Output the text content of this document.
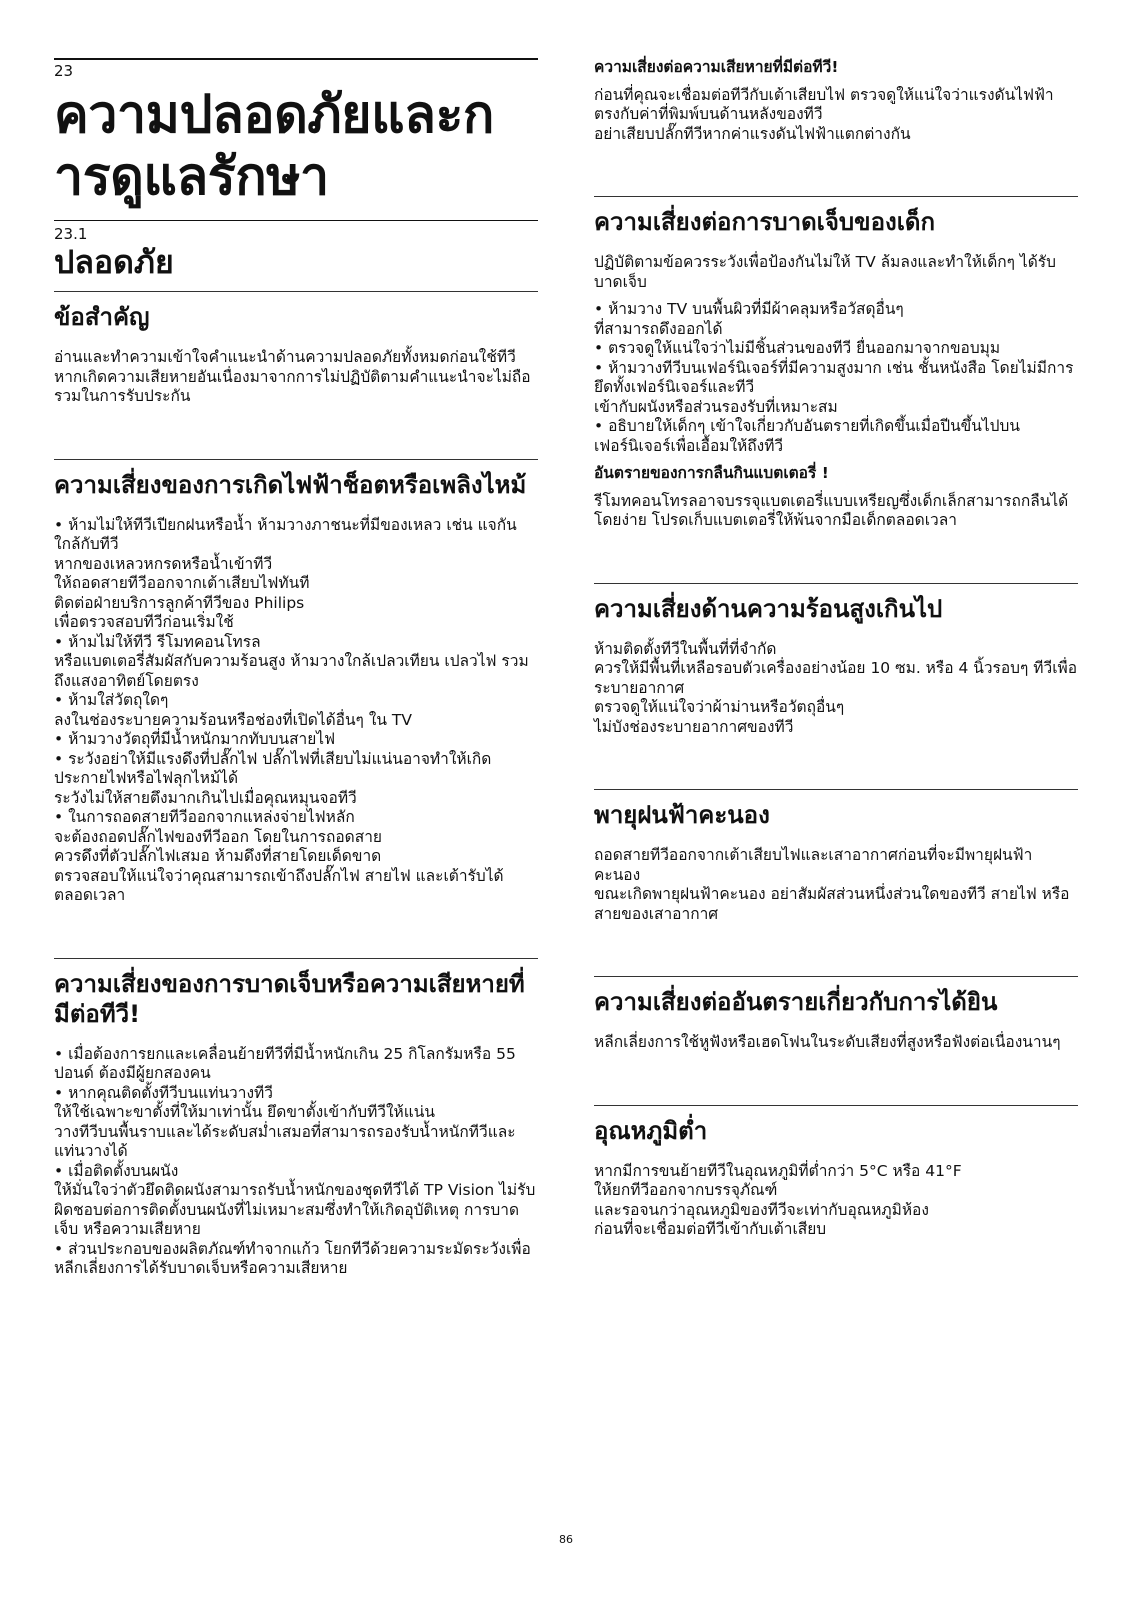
23
ความปลอดภัยและก
ารดูแลรักษา
23.1
ปลอดภัย
ข้อสำคัญ
อ่านและทำความเข้าใจคำแนะนำด้านความปลอดภัยทั้งหมดก่อนใช้ทีวี
หากเกิดความเสียหายอันเนื่องมาจากการไม่ปฏิบัติตามคำแนะนำจะไม่ถือรวมในการรับประกัน
ความเสี่ยงของการเกิดไฟฟ้าช็อตหรือเพลิงไหม้
• ห้ามไม่ให้ทีวีเปียกฝนหรือน้ำ ห้ามวางภาชนะที่มีของเหลว เช่น แจกัน ใกล้กับทีวี
หากของเหลวหกรดหรือน้ำเข้าทีวี
ให้ถอดสายทีวีออกจากเต้าเสียบไฟทันที
ติดต่อฝ่ายบริการลูกค้าทีวีของ Philips
เพื่อตรวจสอบทีวีก่อนเริ่มใช้
• ห้ามไม่ให้ทีวี รีโมทคอนโทรล
หรือแบตเตอรี่สัมผัสกับความร้อนสูง ห้ามวางใกล้เปลวเทียน เปลวไฟ รวมถึงแสงอาทิตย์โดยตรง
• ห้ามใส่วัตถุใดๆ
ลงในช่องระบายความร้อนหรือช่องที่เปิดได้อื่นๆ ใน TV
• ห้ามวางวัตถุที่มีน้ำหนักมากทับบนสายไฟ
• ระวังอย่าให้มีแรงดึงที่ปลั๊กไฟ ปลั๊กไฟที่เสียบไม่แน่นอาจทำให้เกิดประกายไฟหรือไฟลุกไหม้ได้
ระวังไม่ให้สายตึงมากเกินไปเมื่อคุณหมุนจอทีวี
• ในการถอดสายทีวีออกจากแหล่งจ่ายไฟหลัก
จะต้องถอดปลั๊กไฟของทีวีออก โดยในการถอดสาย
ควรดึงที่ตัวปลั๊กไฟเสมอ ห้ามดึงที่สายโดยเด็ดขาด
ตรวจสอบให้แน่ใจว่าคุณสามารถเข้าถึงปลั๊กไฟ สายไฟ และเต้ารับได้ตลอดเวลา
ความเสี่ยงของการบาดเจ็บหรือความเสียหายที่มีต่อทีวี!
• เมื่อต้องการยกและเคลื่อนย้ายทีวีที่มีน้ำหนักเกิน 25 กิโลกรัมหรือ 55 ปอนด์ ต้องมีผู้ยกสองคน
• หากคุณติดตั้งทีวีบนแท่นวางทีวี
ให้ใช้เฉพาะขาตั้งที่ให้มาเท่านั้น ยึดขาตั้งเข้ากับทีวีให้แน่น
วางทีวีบนพื้นราบและได้ระดับสม่ำเสมอที่สามารถรองรับน้ำหนักทีวีและแท่นวางได้
• เมื่อติดตั้งบนผนัง
ให้มั่นใจว่าตัวยึดติดผนังสามารถรับน้ำหนักของชุดทีวีได้ TP Vision ไม่รับผิดชอบต่อการติดตั้งบนผนังที่ไม่เหมาะสมซึ่งทำให้เกิดอุบัติเหตุ การบาดเจ็บ หรือความเสียหาย
• ส่วนประกอบของผลิตภัณฑ์ทำจากแก้ว โยกทีวีด้วยความระมัดระวังเพื่อหลีกเลี่ยงการได้รับบาดเจ็บหรือความเสียหาย
ความเสี่ยงต่อความเสียหายที่มีต่อทีวี!
ก่อนที่คุณจะเชื่อมต่อทีวีกับเต้าเสียบไฟ ตรวจดูให้แน่ใจว่าแรงดันไฟฟ้าตรงกับค่าที่พิมพ์บนด้านหลังของทีวี
อย่าเสียบปลั๊กทีวีหากค่าแรงดันไฟฟ้าแตกต่างกัน
ความเสี่ยงต่อการบาดเจ็บของเด็ก
ปฏิบัติตามข้อควรระวังเพื่อป้องกันไม่ให้ TV ล้มลงและทำให้เด็กๆ ได้รับบาดเจ็บ
• ห้ามวาง TV บนพื้นผิวที่มีผ้าคลุมหรือวัสดุอื่นๆ
ที่สามารถดึงออกได้
• ตรวจดูให้แน่ใจว่าไม่มีชิ้นส่วนของทีวี ยื่นออกมาจากขอบมุม
• ห้ามวางทีวีบนเฟอร์นิเจอร์ที่มีความสูงมาก เช่น ชั้นหนังสือ โดยไม่มีการยึดทั้งเฟอร์นิเจอร์และทีวี
เข้ากับผนังหรือส่วนรองรับที่เหมาะสม
• อธิบายให้เด็กๆ เข้าใจเกี่ยวกับอันตรายที่เกิดขึ้นเมื่อปีนขึ้นไปบนเฟอร์นิเจอร์เพื่อเอื้อมให้ถึงทีวี
อันตรายของการกลืนกินแบตเตอรี่ !
รีโมทคอนโทรลอาจบรรจุแบตเตอรี่แบบเหรียญซึ่งเด็กเล็กสามารถกลืนได้โดยง่าย โปรดเก็บแบตเตอรี่ให้พ้นจากมือเด็กตลอดเวลา
ความเสี่ยงด้านความร้อนสูงเกินไป
ห้ามติดตั้งทีวีในพื้นที่ที่จำกัด
ควรให้มีพื้นที่เหลือรอบตัวเครื่องอย่างน้อย 10 ซม. หรือ 4 นิ้วรอบๆ ทีวีเพื่อระบายอากาศ
ตรวจดูให้แน่ใจว่าผ้าม่านหรือวัตถุอื่นๆ
ไม่บังช่องระบายอากาศของทีวี
พายุฝนฟ้าคะนอง
ถอดสายทีวีออกจากเต้าเสียบไฟและเสาอากาศก่อนที่จะมีพายุฝนฟ้าคะนอง
ขณะเกิดพายุฝนฟ้าคะนอง อย่าสัมผัสส่วนหนึ่งส่วนใดของทีวี สายไฟ หรือสายของเสาอากาศ
ความเสี่ยงต่ออันตรายเกี่ยวกับการได้ยิน
หลีกเลี่ยงการใช้หูฟังหรือเฮดโฟนในระดับเสียงที่สูงหรือฟังต่อเนื่องนานๆ
อุณหภูมิต่ำ
หากมีการขนย้ายทีวีในอุณหภูมิที่ต่ำกว่า 5°C หรือ 41°F
ให้ยกทีวีออกจากบรรจุภัณฑ์
และรอจนกว่าอุณหภูมิของทีวีจะเท่ากับอุณหภูมิห้อง
ก่อนที่จะเชื่อมต่อทีวีเข้ากับเต้าเสียบ
86
